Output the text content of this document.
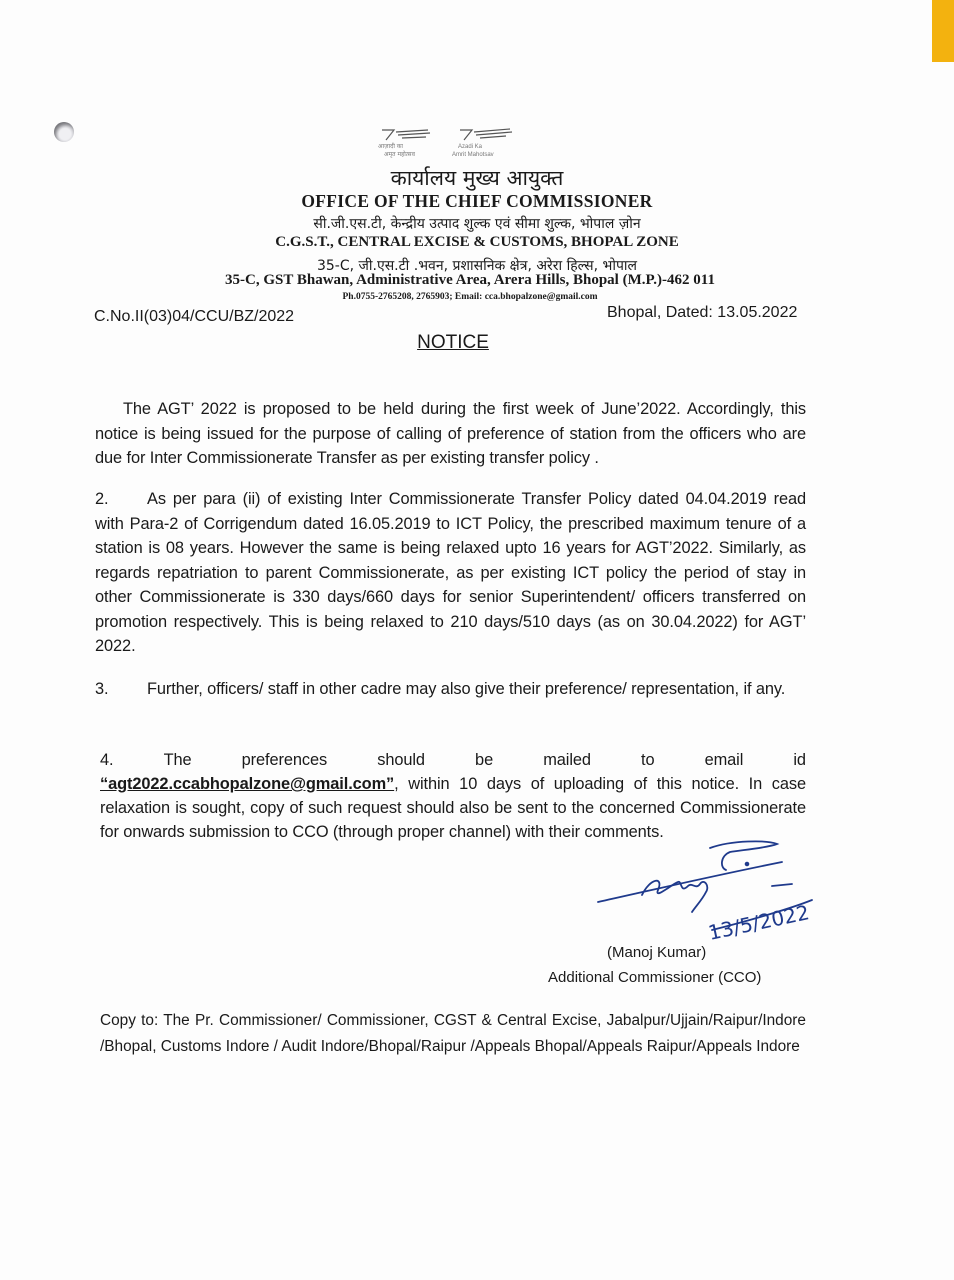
आज़ादी का
अमृत महोत्सव
Azadi Ka
Amrit Mahotsav
कार्यालय मुख्य आयुक्त
OFFICE OF THE CHIEF COMMISSIONER
सी.जी.एस.टी, केन्द्रीय उत्पाद शुल्क एवं सीमा शुल्क, भोपाल ज़ोन
C.G.S.T., CENTRAL EXCISE & CUSTOMS, BHOPAL ZONE
35-C, जी.एस.टी .भवन, प्रशासनिक क्षेत्र, अरेरा हिल्स, भोपाल
35-C, GST Bhawan, Administrative Area, Arera Hills, Bhopal (M.P.)-462 011
Ph.0755-2765208, 2765903; Email: cca.bhopalzone@gmail.com
C.No.II(03)04/CCU/BZ/2022	Bhopal, Dated: 13.05.2022
NOTICE
The AGT’ 2022 is proposed to be held during the first week of June’2022. Accordingly, this notice is being issued for the purpose of calling of preference of station from the officers who are due for Inter Commissionerate Transfer as per existing transfer policy .
2. As per para (ii) of existing Inter Commissionerate Transfer Policy dated 04.04.2019 read with Para-2 of Corrigendum dated 16.05.2019 to ICT Policy, the prescribed maximum tenure of a station is 08 years. However the same is being relaxed upto 16 years for AGT’2022. Similarly, as regards repatriation to parent Commissionerate, as per existing ICT policy the period of stay in other Commissionerate is 330 days/660 days for senior Superintendent/ officers transferred on promotion respectively. This is being relaxed to 210 days/510 days (as on 30.04.2022) for AGT’ 2022.
3. Further, officers/ staff in other cadre may also give their preference/ representation, if any.
4.	The	preferences	should	be	mailed	to	email	id
“agt2022.ccabhopalzone@gmail.com”, within 10 days of uploading of this notice. In case relaxation is sought, copy of such request should also be sent to the concerned Commissionerate for onwards submission to CCO (through proper channel) with their comments.
13/5/2022
(Manoj Kumar)
Additional Commissioner (CCO)
Copy to: The Pr. Commissioner/ Commissioner, CGST & Central Excise, Jabalpur/Ujjain/Raipur/Indore /Bhopal, Customs Indore / Audit Indore/Bhopal/Raipur /Appeals Bhopal/Appeals Raipur/Appeals Indore
